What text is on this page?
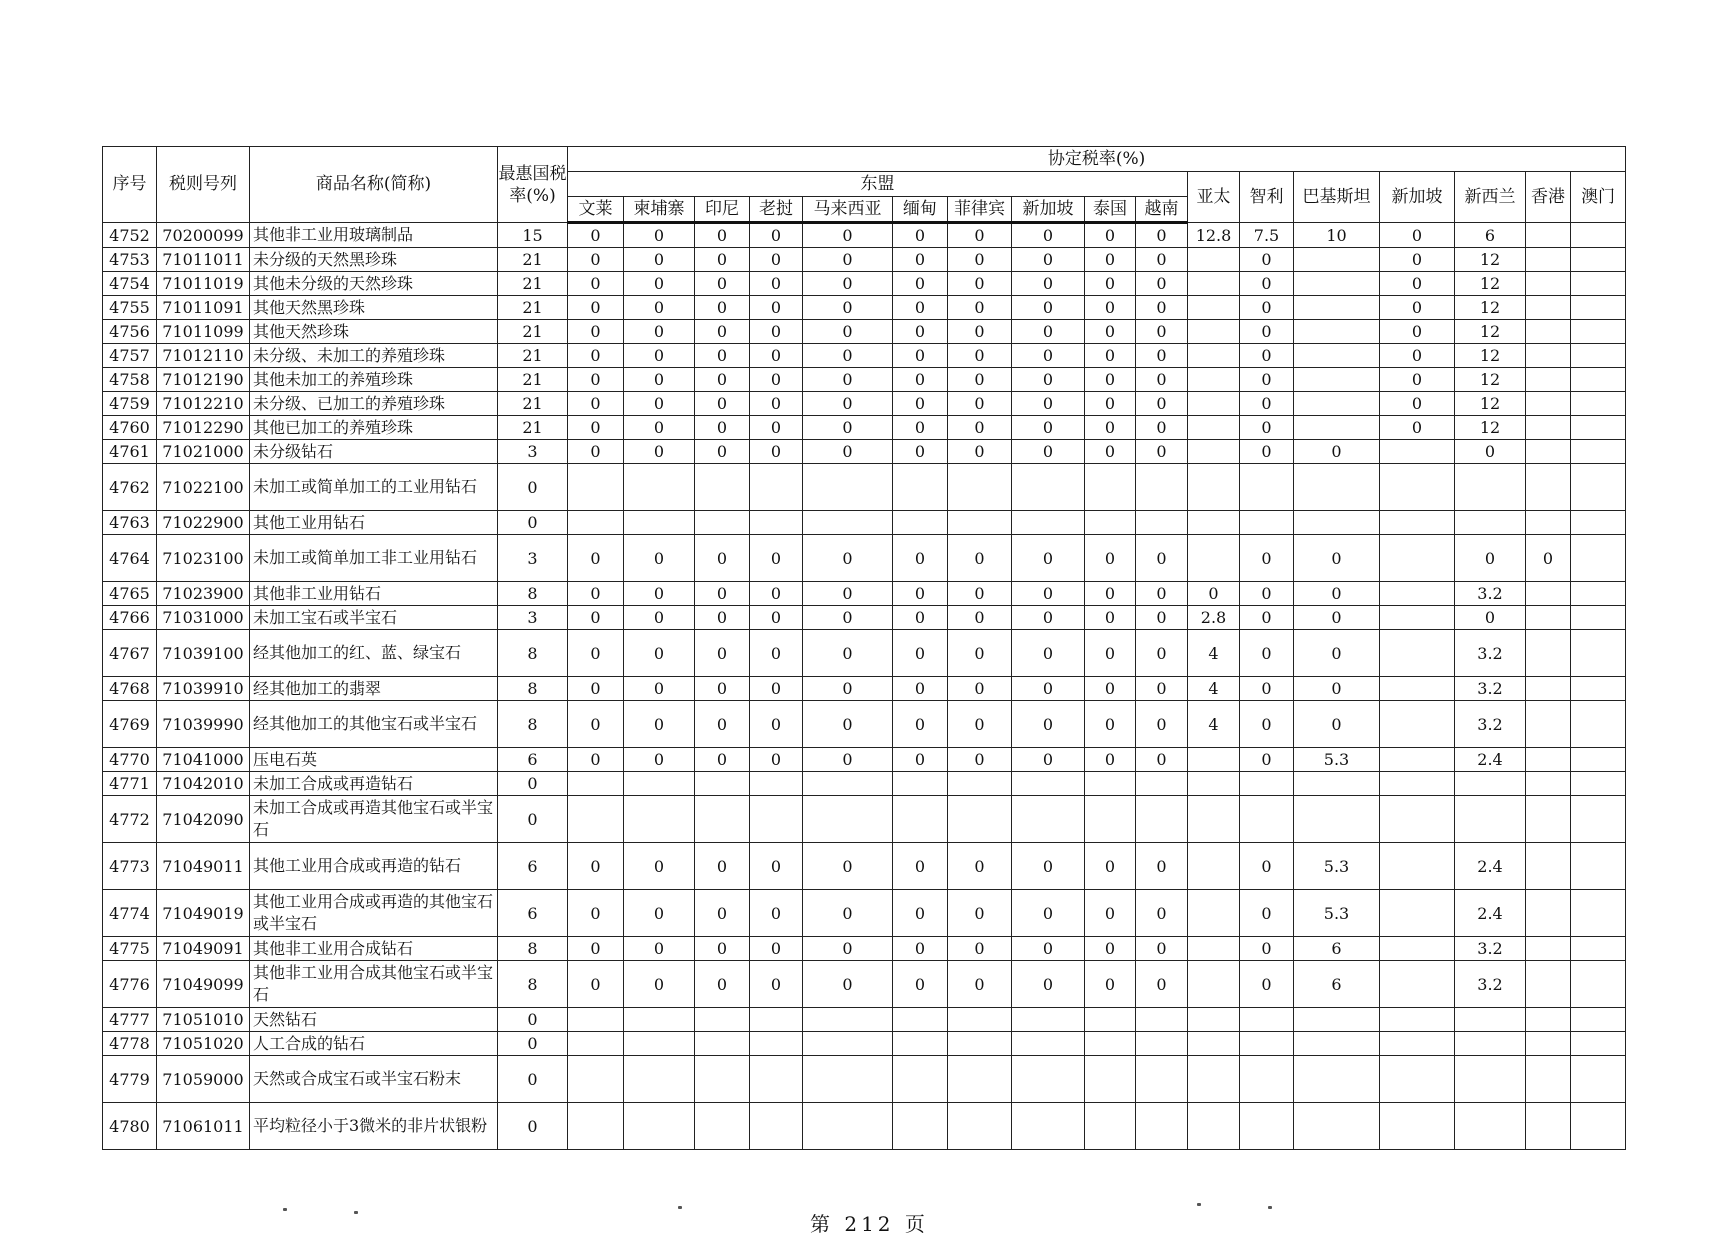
序号	税则号列	商品名称(简称)	最惠国税率(%)	协定税率(%)																
				东盟										亚太	智利	巴基斯坦	新加坡	新西兰	香港	澳门
				文莱	柬埔寨	印尼	老挝	马来西亚	缅甸	菲律宾	新加坡	泰国	越南							
4752	70200099	其他非工业用玻璃制品	15	0	0	0	0	0	0	0	0	0	0	12.8	7.5	10	0	6		
4753	71011011	未分级的天然黑珍珠	21	0	0	0	0	0	0	0	0	0	0		0		0	12		
4754	71011019	其他未分级的天然珍珠	21	0	0	0	0	0	0	0	0	0	0		0		0	12		
4755	71011091	其他天然黑珍珠	21	0	0	0	0	0	0	0	0	0	0		0		0	12		
4756	71011099	其他天然珍珠	21	0	0	0	0	0	0	0	0	0	0		0		0	12		
4757	71012110	未分级、未加工的养殖珍珠	21	0	0	0	0	0	0	0	0	0	0		0		0	12		
4758	71012190	其他未加工的养殖珍珠	21	0	0	0	0	0	0	0	0	0	0		0		0	12		
4759	71012210	未分级、已加工的养殖珍珠	21	0	0	0	0	0	0	0	0	0	0		0		0	12		
4760	71012290	其他已加工的养殖珍珠	21	0	0	0	0	0	0	0	0	0	0		0		0	12		
4761	71021000	未分级钻石	3	0	0	0	0	0	0	0	0	0	0		0	0		0		
4762	71022100	未加工或简单加工的工业用钻石	0																	
4763	71022900	其他工业用钻石	0																	
4764	71023100	未加工或简单加工非工业用钻石	3	0	0	0	0	0	0	0	0	0	0		0	0		0	0	
4765	71023900	其他非工业用钻石	8	0	0	0	0	0	0	0	0	0	0	0	0	0		3.2		
4766	71031000	未加工宝石或半宝石	3	0	0	0	0	0	0	0	0	0	0	2.8	0	0		0		
4767	71039100	经其他加工的红、蓝、绿宝石	8	0	0	0	0	0	0	0	0	0	0	4	0	0		3.2		
4768	71039910	经其他加工的翡翠	8	0	0	0	0	0	0	0	0	0	0	4	0	0		3.2		
4769	71039990	经其他加工的其他宝石或半宝石	8	0	0	0	0	0	0	0	0	0	0	4	0	0		3.2		
4770	71041000	压电石英	6	0	0	0	0	0	0	0	0	0	0		0	5.3		2.4		
4771	71042010	未加工合成或再造钻石	0																	
4772	71042090	未加工合成或再造其他宝石或半宝石	0																	
4773	71049011	其他工业用合成或再造的钻石	6	0	0	0	0	0	0	0	0	0	0		0	5.3		2.4		
4774	71049019	其他工业用合成或再造的其他宝石或半宝石	6	0	0	0	0	0	0	0	0	0	0		0	5.3		2.4		
4775	71049091	其他非工业用合成钻石	8	0	0	0	0	0	0	0	0	0	0		0	6		3.2		
4776	71049099	其他非工业用合成其他宝石或半宝石	8	0	0	0	0	0	0	0	0	0	0		0	6		3.2		
4777	71051010	天然钻石	0																	
4778	71051020	人工合成的钻石	0																	
4779	71059000	天然或合成宝石或半宝石粉末	0																	
4780	71061011	平均粒径小于3微米的非片状银粉	0																	
第 212 页
